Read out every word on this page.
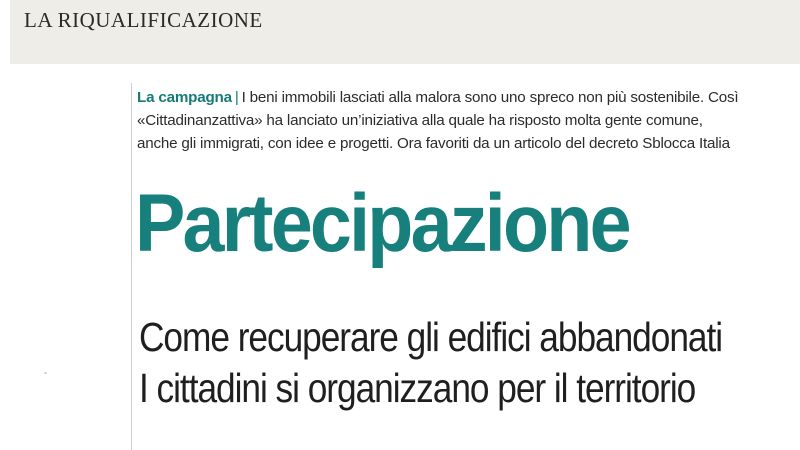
LA RIQUALIFICAZIONE

La campagna | I beni immobili lasciati alla malora sono uno spreco non più sostenibile. Così
«Cittadinanzattiva» ha lanciato un’iniziativa alla quale ha risposto molta gente comune,
anche gli immigrati, con idee e progetti. Ora favoriti da un articolo del decreto Sblocca Italia

Partecipazione
Come recuperare gli edifici abbandonati
I cittadini si organizzano per il territorio
